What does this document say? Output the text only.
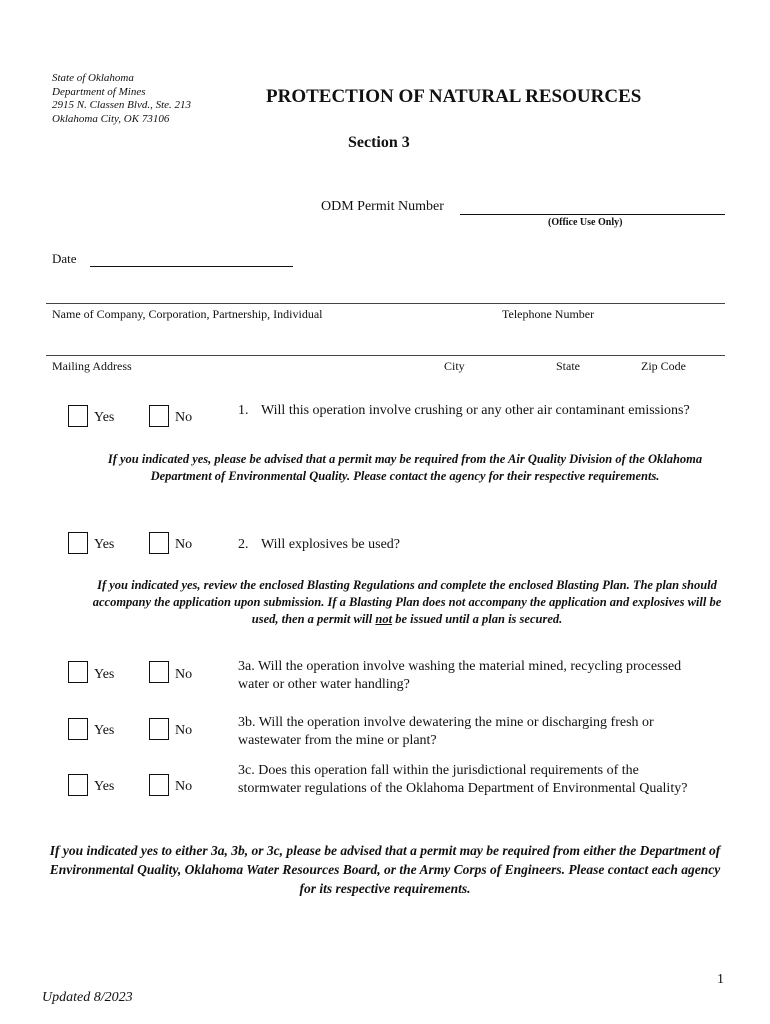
State of Oklahoma
Department of Mines
2915 N. Classen Blvd., Ste. 213
Oklahoma City, OK 73106
PROTECTION OF NATURAL RESOURCES
Section 3
ODM Permit Number
(Office Use Only)
Date
Name of Company, Corporation, Partnership, Individual	Telephone Number
Mailing Address	City	State	Zip Code
Yes	No	1. Will this operation involve crushing or any other air contaminant emissions?
If you indicated yes, please be advised that a permit may be required from the Air Quality Division of the Oklahoma Department of Environmental Quality. Please contact the agency for their respective requirements.
Yes	No	2. Will explosives be used?
If you indicated yes, review the enclosed Blasting Regulations and complete the enclosed Blasting Plan. The plan should accompany the application upon submission. If a Blasting Plan does not accompany the application and explosives will be used, then a permit will not be issued until a plan is secured.
Yes	No
3a. Will the operation involve washing the material mined, recycling processed water or other water handling?
Yes	No
3b. Will the operation involve dewatering the mine or discharging fresh or wastewater from the mine or plant?
Yes	No
3c. Does this operation fall within the jurisdictional requirements of the stormwater regulations of the Oklahoma Department of Environmental Quality?
If you indicated yes to either 3a, 3b, or 3c, please be advised that a permit may be required from either the Department of Environmental Quality, Oklahoma Water Resources Board, or the Army Corps of Engineers. Please contact each agency for its respective requirements.
1
Updated 8/2023
